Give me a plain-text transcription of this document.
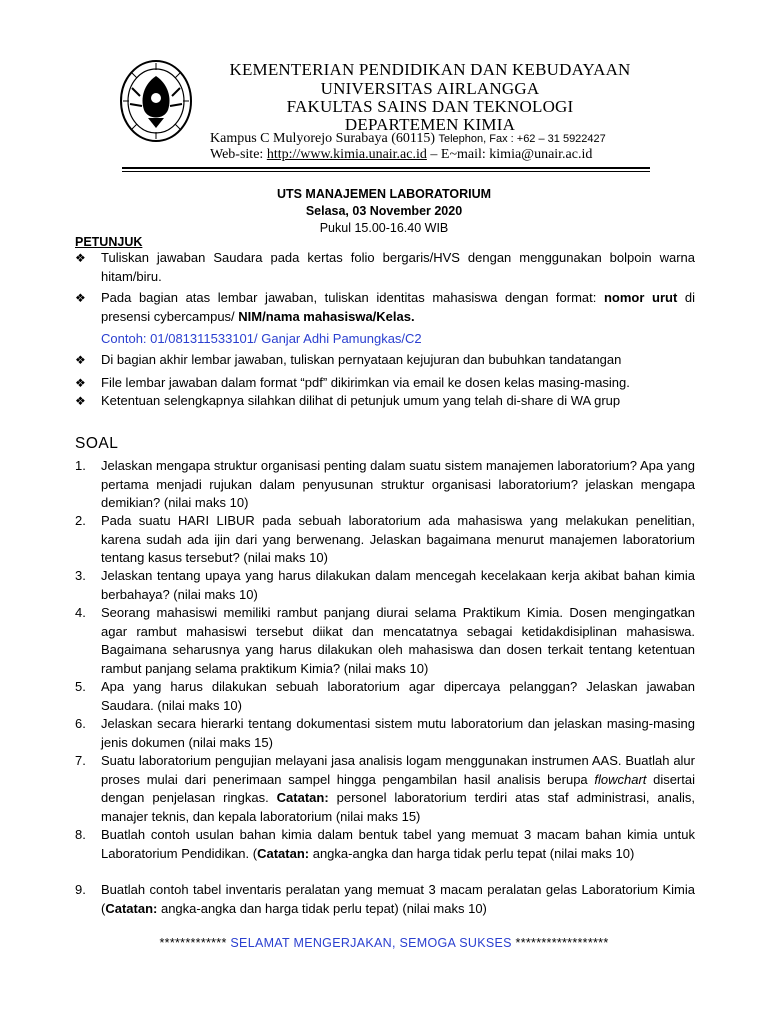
KEMENTERIAN PENDIDIKAN DAN KEBUDAYAAN
UNIVERSITAS AIRLANGGA
FAKULTAS SAINS DAN TEKNOLOGI
DEPARTEMEN KIMIA
Kampus C Mulyorejo Surabaya (60115) Telephon, Fax : +62 – 31 5922427
Web-site: http://www.kimia.unair.ac.id – E~mail: kimia@unair.ac.id
UTS MANAJEMEN LABORATORIUM
Selasa, 03 November 2020
Pukul 15.00-16.40 WIB
PETUNJUK
❖ Tuliskan jawaban Saudara pada kertas folio bergaris/HVS dengan menggunakan bolpoin warna hitam/biru.
❖ Pada bagian atas lembar jawaban, tuliskan identitas mahasiswa dengan format: nomor urut di presensi cybercampus/ NIM/nama mahasiswa/Kelas.
Contoh: 01/081311533101/ Ganjar Adhi Pamungkas/C2
❖ Di bagian akhir lembar jawaban, tuliskan pernyataan kejujuran dan bubuhkan tandatangan
❖ File lembar jawaban dalam format “pdf” dikirimkan via email ke dosen kelas masing-masing.
❖ Ketentuan selengkapnya silahkan dilihat di petunjuk umum yang telah di-share di WA grup
SOAL
1.	Jelaskan mengapa struktur organisasi penting dalam suatu sistem manajemen laboratorium? Apa yang pertama menjadi rujukan dalam penyusunan struktur organisasi laboratorium? jelaskan mengapa demikian? (nilai maks 10)
2.	Pada suatu HARI LIBUR pada sebuah laboratorium ada mahasiswa yang melakukan penelitian, karena sudah ada ijin dari yang berwenang. Jelaskan bagaimana menurut manajemen laboratorium tentang kasus tersebut? (nilai maks 10)
3.	Jelaskan tentang upaya yang harus dilakukan dalam mencegah kecelakaan kerja akibat bahan kimia berbahaya? (nilai maks 10)
4.	Seorang mahasiswi memiliki rambut panjang diurai selama Praktikum Kimia. Dosen mengingatkan agar rambut mahasiswi tersebut diikat dan mencatatnya sebagai ketidakdisiplinan mahasiswa. Bagaimana seharusnya yang harus dilakukan oleh mahasiswa dan dosen terkait tentang ketentuan rambut panjang selama praktikum Kimia? (nilai maks 10)
5.	Apa yang harus dilakukan sebuah laboratorium agar dipercaya pelanggan? Jelaskan jawaban Saudara. (nilai maks 10)
6.	Jelaskan secara hierarki tentang dokumentasi sistem mutu laboratorium dan jelaskan masing-masing jenis dokumen (nilai maks 15)
7.	Suatu laboratorium pengujian melayani jasa analisis logam menggunakan instrumen AAS. Buatlah alur proses mulai dari penerimaan sampel hingga pengambilan hasil analisis berupa flowchart disertai dengan penjelasan ringkas. Catatan: personel laboratorium terdiri atas staf administrasi, analis, manajer teknis, dan kepala laboratorium (nilai maks 15)
8.	Buatlah contoh usulan bahan kimia dalam bentuk tabel yang memuat 3 macam bahan kimia untuk Laboratorium Pendidikan. (Catatan: angka-angka dan harga tidak perlu tepat (nilai maks 10)
9.	Buatlah contoh tabel inventaris peralatan yang memuat 3 macam peralatan gelas Laboratorium Kimia (Catatan: angka-angka dan harga tidak perlu tepat) (nilai maks 10)
************* SELAMAT MENGERJAKAN, SEMOGA SUKSES ******************
